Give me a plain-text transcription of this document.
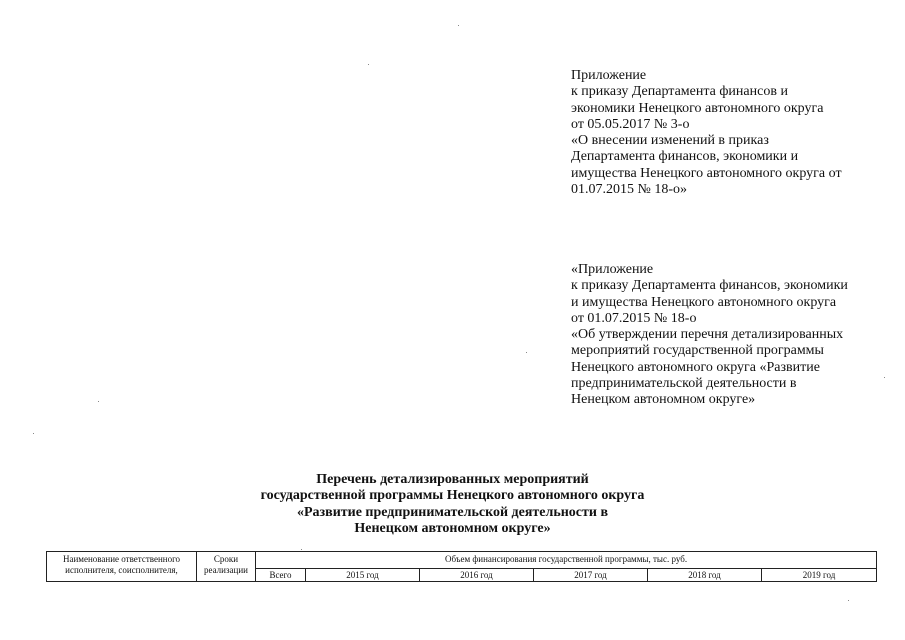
Приложение
к приказу Департамента финансов и
экономики Ненецкого автономного округа
от 05.05.2017 № 3-о
«О внесении изменений в приказ
Департамента финансов, экономики и
имущества Ненецкого автономного округа от
01.07.2015 № 18-о»
«Приложение
к приказу Департамента финансов, экономики
и имущества Ненецкого автономного округа
от 01.07.2015 № 18-о
«Об утверждении перечня детализированных
мероприятий государственной программы
Ненецкого автономного округа «Развитие
предпринимательской деятельности в
Ненецком автономном округе»
Перечень детализированных мероприятий
государственной программы Ненецкого автономного округа
«Развитие предпринимательской деятельности в
Ненецком автономном округе»
Наименование ответственного исполнителя, соисполнителя,	Сроки реализации	Объем финансирования государственной программы, тыс. руб.					
		Всего	2015 год	2016 год	2017 год	2018 год	2019 год
